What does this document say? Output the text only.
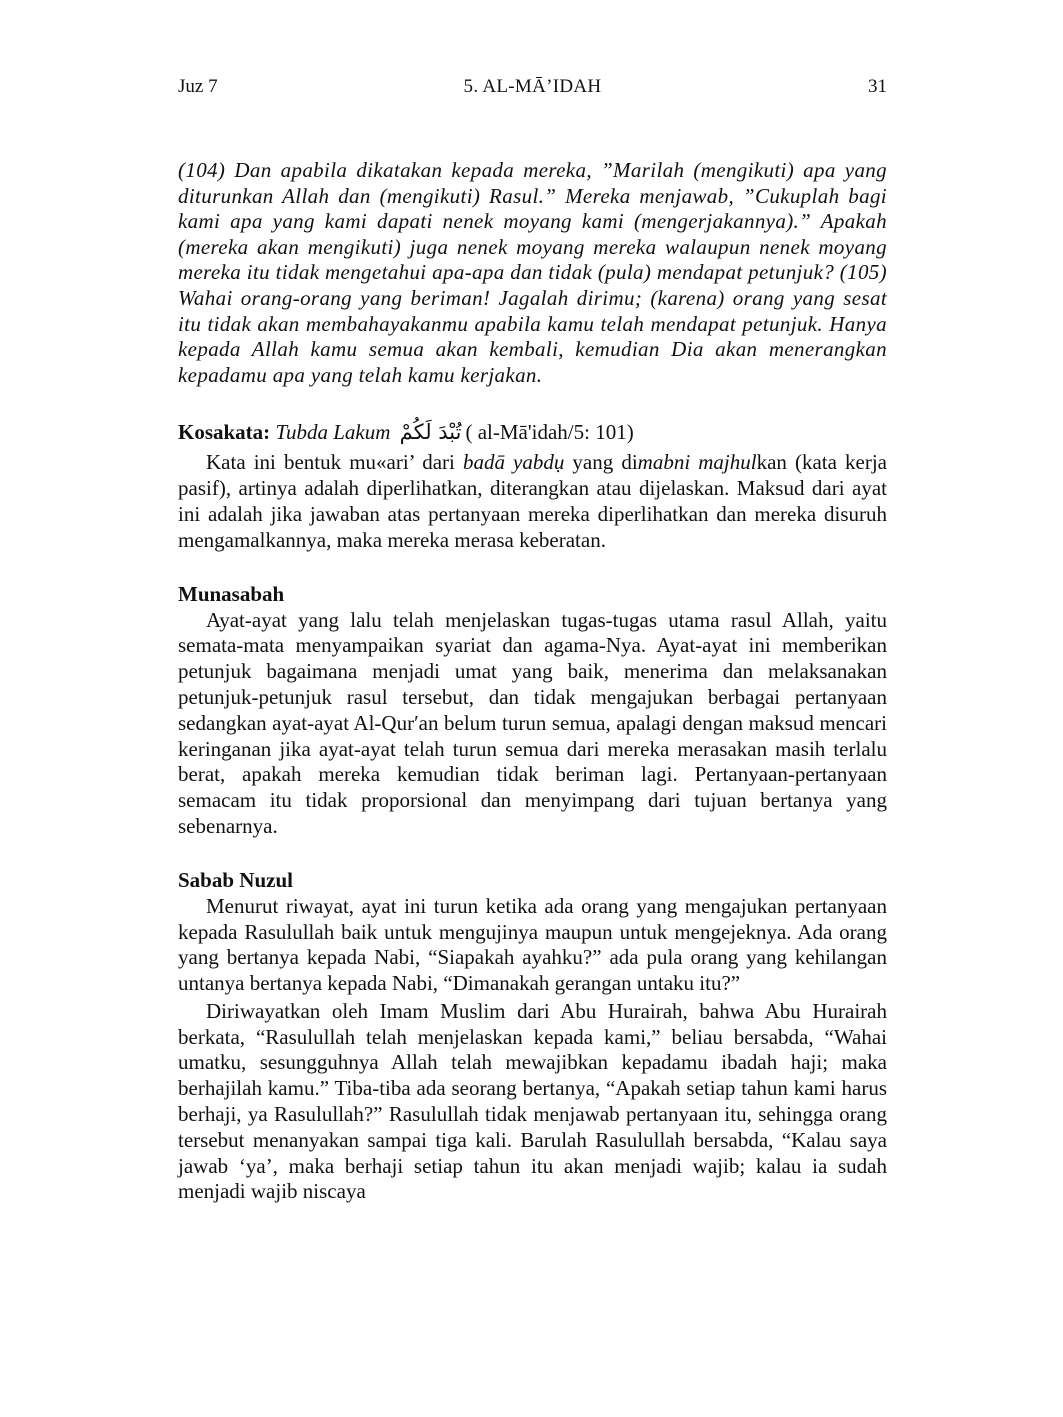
Juz 7	5. AL-MĀ’IDAH	31

(104) Dan apabila dikatakan kepada mereka, ”Marilah (mengikuti) apa yang diturunkan Allah dan (mengikuti) Rasul.” Mereka menjawab, ”Cukuplah bagi kami apa yang kami dapati nenek moyang kami (mengerjakannya).” Apakah (mereka akan mengikuti) juga nenek moyang mereka walaupun nenek moyang mereka itu tidak mengetahui apa-apa dan tidak (pula) mendapat petunjuk? (105) Wahai orang-orang yang beriman! Jagalah dirimu; (karena) orang yang sesat itu tidak akan membahayakanmu apabila kamu telah mendapat petunjuk. Hanya kepada Allah kamu semua akan kembali, kemudian Dia akan menerangkan kepadamu apa yang telah kamu kerjakan.

Kosakata: Tubda Lakum تُبْدَ لَكُمْ ( al-Mā'idah/5: 101)

Kata ini bentuk mu«ari’ dari badā yabdụ yang dimabni majhulkan (kata kerja pasif), artinya adalah diperlihatkan, diterangkan atau dijelaskan. Maksud dari ayat ini adalah jika jawaban atas pertanyaan mereka diperlihatkan dan mereka disuruh mengamalkannya, maka mereka merasa keberatan.

Munasabah

Ayat-ayat yang lalu telah menjelaskan tugas-tugas utama rasul Allah, yaitu semata-mata menyampaikan syariat dan agama-Nya. Ayat-ayat ini memberikan petunjuk bagaimana menjadi umat yang baik, menerima dan melaksanakan petunjuk-petunjuk rasul tersebut, dan tidak mengajukan berbagai pertanyaan sedangkan ayat-ayat Al-Qur′an belum turun semua, apalagi dengan maksud mencari keringanan jika ayat-ayat telah turun semua dari mereka merasakan masih terlalu berat, apakah mereka kemudian tidak beriman lagi. Pertanyaan-pertanyaan semacam itu tidak proporsional dan menyimpang dari tujuan bertanya yang sebenarnya.

Sabab Nuzul

Menurut riwayat, ayat ini turun ketika ada orang yang mengajukan pertanyaan kepada Rasulullah baik untuk mengujinya maupun untuk mengejeknya. Ada orang yang bertanya kepada Nabi, “Siapakah ayahku?” ada pula orang yang kehilangan untanya bertanya kepada Nabi, “Dimanakah gerangan untaku itu?”

Diriwayatkan oleh Imam Muslim dari Abu Hurairah, bahwa Abu Hurairah berkata, “Rasulullah telah menjelaskan kepada kami,” beliau bersabda, “Wahai umatku, sesungguhnya Allah telah mewajibkan kepadamu ibadah haji; maka berhajilah kamu.” Tiba-tiba ada seorang bertanya, “Apakah setiap tahun kami harus berhaji, ya Rasulullah?” Rasulullah tidak menjawab pertanyaan itu, sehingga orang tersebut menanyakan sampai tiga kali. Barulah Rasulullah bersabda, “Kalau saya jawab ‘ya’, maka berhaji setiap tahun itu akan menjadi wajib; kalau ia sudah menjadi wajib niscaya
